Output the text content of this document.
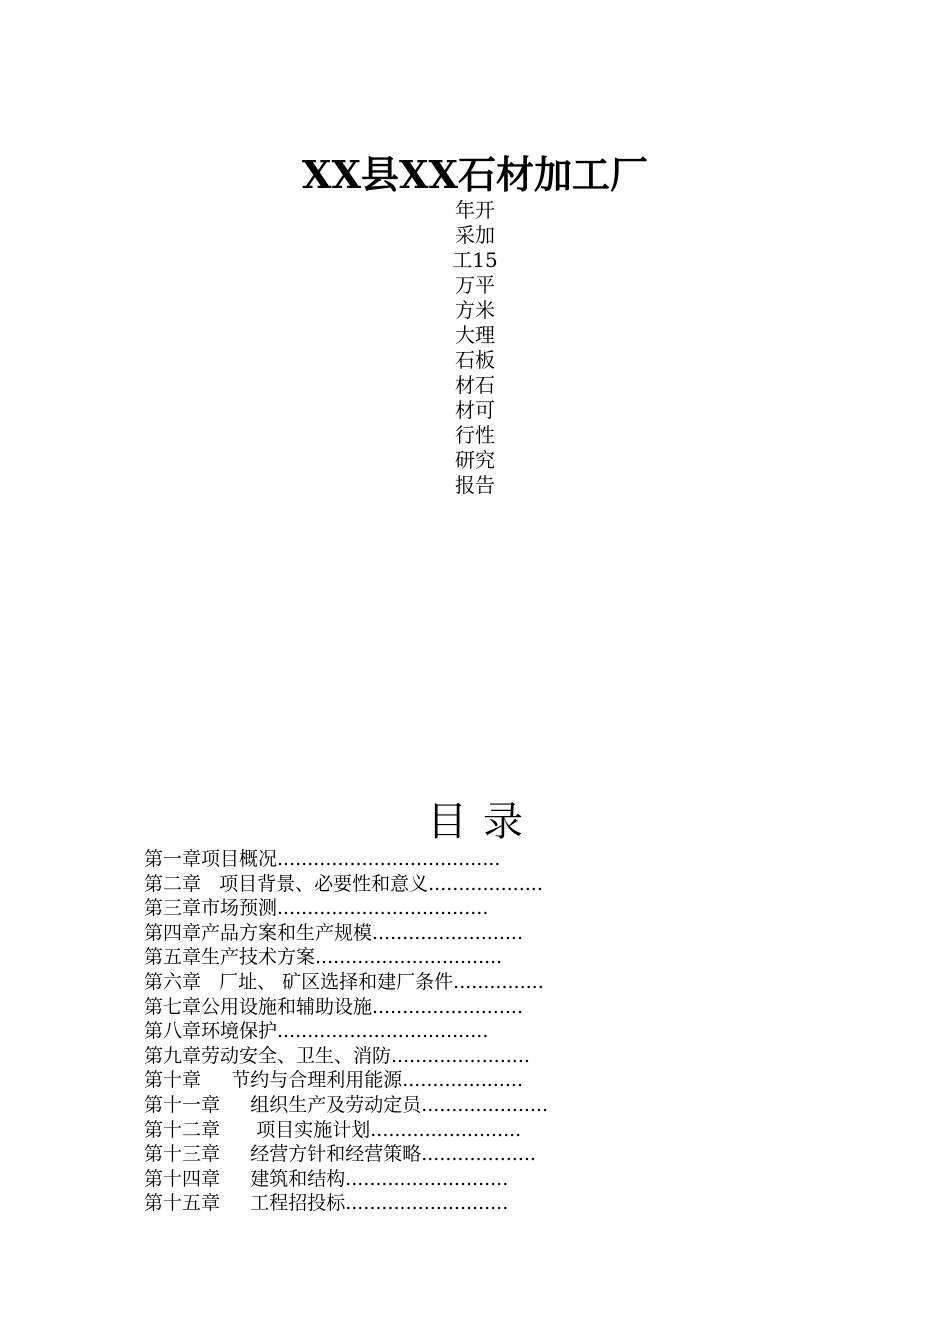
XX县XX石材加工厂
年开采加工15万平方米大理石板材石材可行性研究报告
目录
第一章项目概况.....................................
第二章   项目背景、必要性和意义...................
第三章市场预测...................................
第四章产品方案和生产规模.........................
第五章生产技术方案...............................
第六章   厂址、 矿区选择和建厂条件...............
第七章公用设施和辅助设施.........................
第八章环境保护...................................
第九章劳动安全、卫生、消防.......................
第十章     节约与合理利用能源....................
第十一章     组织生产及劳动定员.....................
第十二章      项目实施计划.........................
第十三章     经营方针和经营策略...................
第十四章     建筑和结构...........................
第十五章     工程招投标...........................
